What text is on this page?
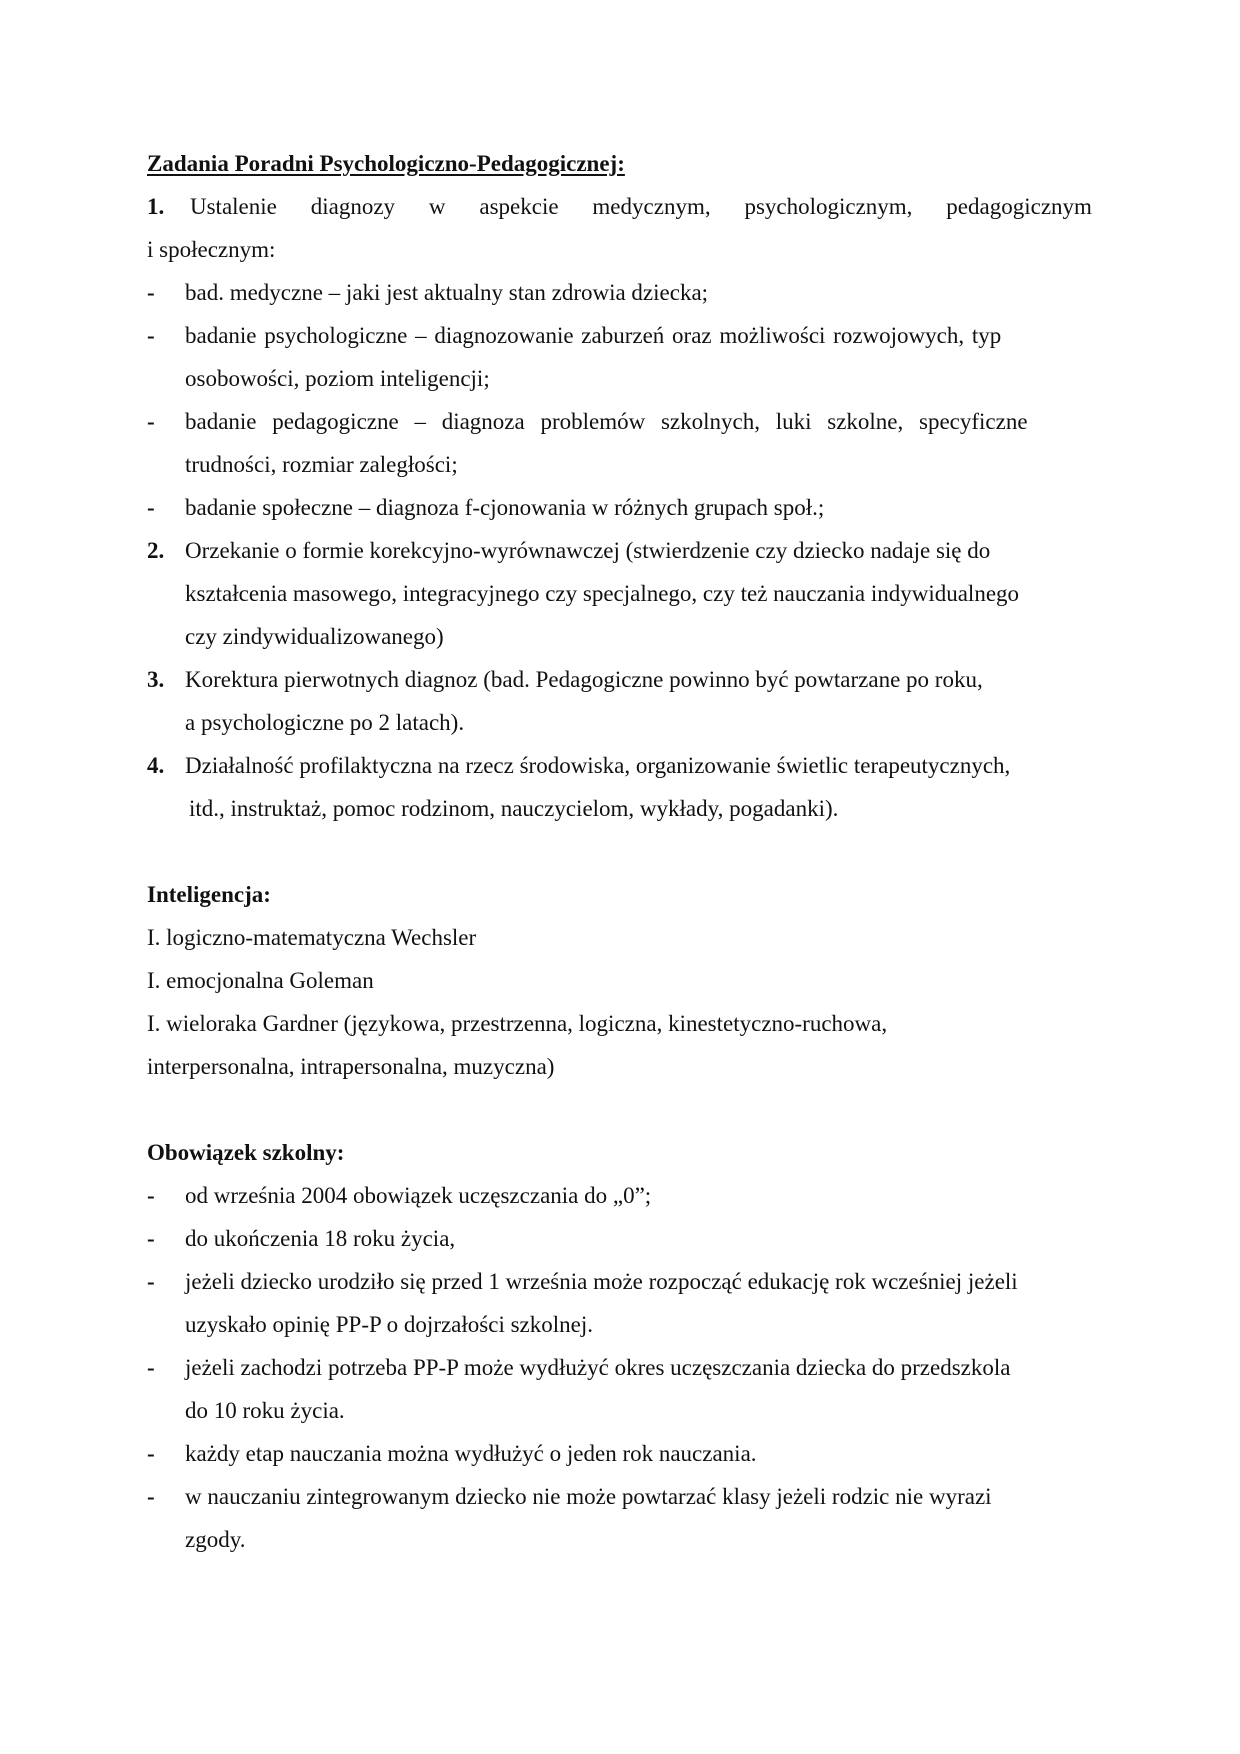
Zadania Poradni Psychologiczno-Pedagogicznej:
1. Ustalenie diagnozy w aspekcie medycznym, psychologicznym, pedagogicznym
i społecznym:
- bad. medyczne – jaki jest aktualny stan zdrowia dziecka;
- badanie psychologiczne – diagnozowanie zaburzeń oraz możliwości rozwojowych, typ
osobowości, poziom inteligencji;
- badanie pedagogiczne – diagnoza problemów szkolnych, luki szkolne, specyficzne
trudności, rozmiar zaległości;
- badanie społeczne – diagnoza f-cjonowania w różnych grupach społ.;
2. Orzekanie o formie korekcyjno-wyrównawczej (stwierdzenie czy dziecko nadaje się do
kształcenia masowego, integracyjnego czy specjalnego, czy też nauczania indywidualnego
czy zindywidualizowanego)
3. Korektura pierwotnych diagnoz (bad. Pedagogiczne powinno być powtarzane po roku,
a psychologiczne po 2 latach).
4. Działalność profilaktyczna na rzecz środowiska, organizowanie świetlic terapeutycznych,
itd., instruktaż, pomoc rodzinom, nauczycielom, wykłady, pogadanki).
Inteligencja:
I. logiczno-matematyczna Wechsler
I. emocjonalna Goleman
I. wieloraka Gardner (językowa, przestrzenna, logiczna, kinestetyczno-ruchowa,
interpersonalna, intrapersonalna, muzyczna)
Obowiązek szkolny:
- od września 2004 obowiązek uczęszczania do „0”;
- do ukończenia 18 roku życia,
- jeżeli dziecko urodziło się przed 1 września może rozpocząć edukację rok wcześniej jeżeli
uzyskało opinię PP-P o dojrzałości szkolnej.
- jeżeli zachodzi potrzeba PP-P może wydłużyć okres uczęszczania dziecka do przedszkola
do 10 roku życia.
- każdy etap nauczania można wydłużyć o jeden rok nauczania.
- w nauczaniu zintegrowanym dziecko nie może powtarzać klasy jeżeli rodzic nie wyrazi
zgody.
